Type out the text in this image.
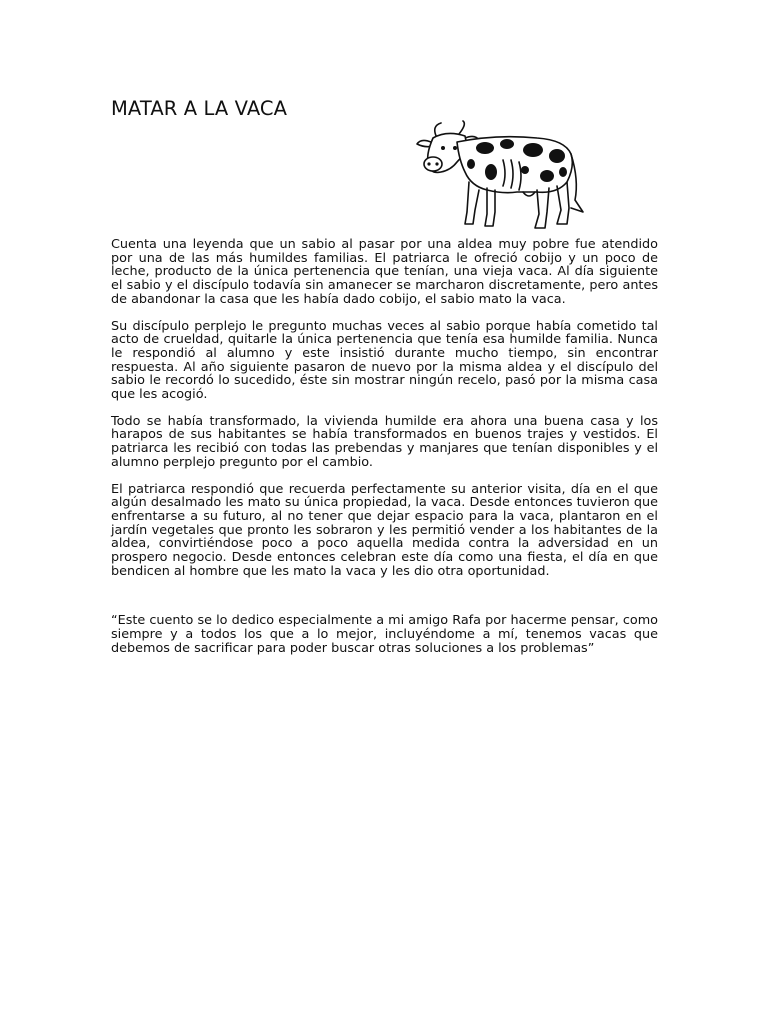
MATAR A LA VACA

Cuenta una leyenda que un sabio al pasar por una aldea muy pobre fue atendido por una de las más humildes familias. El patriarca le ofreció cobijo y un poco de leche, producto de la única pertenencia que tenían, una vieja vaca. Al día siguiente el sabio y el discípulo todavía sin amanecer se marcharon discretamente, pero antes de abandonar la casa que les había dado cobijo, el sabio mato la vaca.

Su discípulo perplejo le pregunto muchas veces al sabio porque había cometido tal acto de crueldad, quitarle la única pertenencia que tenía esa humilde familia. Nunca le respondió al alumno y este insistió durante mucho tiempo, sin encontrar respuesta. Al año siguiente pasaron de nuevo por la misma aldea y el discípulo del sabio le recordó lo sucedido, éste sin mostrar ningún recelo, pasó por la misma casa que les acogió.

Todo se había transformado, la vivienda humilde era ahora una buena casa y los harapos de sus habitantes se había transformados en buenos trajes y vestidos. El patriarca les recibió con todas las prebendas y manjares que tenían disponibles y el alumno perplejo pregunto por el cambio.

El patriarca respondió que recuerda perfectamente su anterior visita, día en el que algún desalmado les mato su única propiedad, la vaca. Desde entonces tuvieron que enfrentarse a su futuro, al no tener que dejar espacio para la vaca, plantaron en el jardín vegetales que pronto les sobraron y les permitió vender a los habitantes de la aldea, convirtiéndose poco a poco aquella medida contra la adversidad en un prospero negocio. Desde entonces celebran este día como una fiesta, el día en que bendicen al hombre que les mato la vaca y les dio otra oportunidad.

“Este cuento se lo dedico especialmente a mi amigo Rafa por hacerme pensar, como siempre y a todos los que a lo mejor, incluyéndome a mí, tenemos vacas que debemos de sacrificar para poder buscar otras soluciones a los problemas”
